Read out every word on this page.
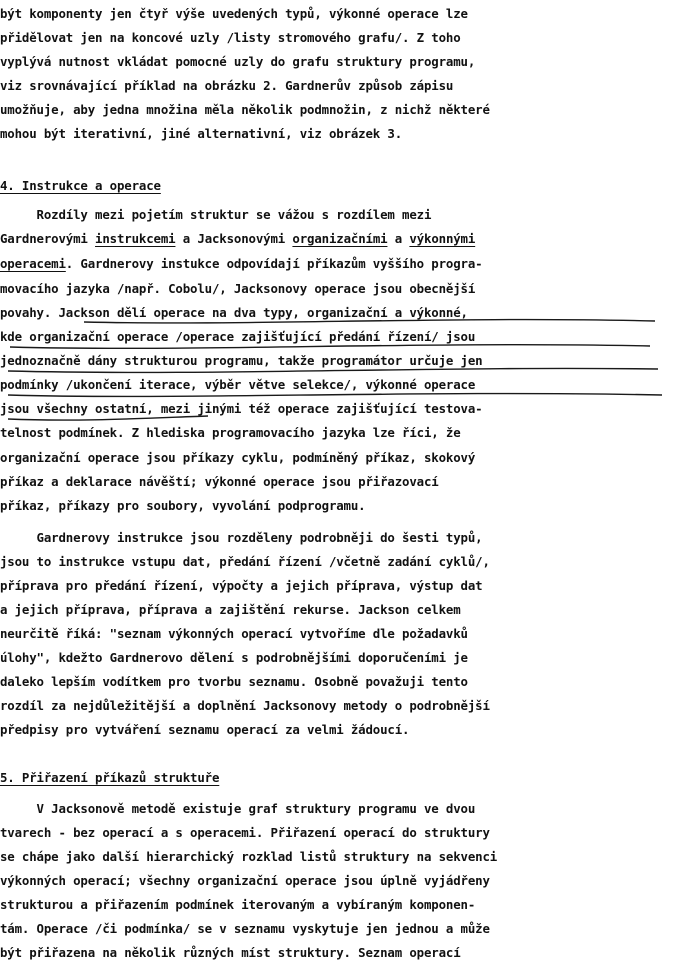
být komponenty jen čtyř výše uvedených typů, výkonné operace lze
přidělovat jen na koncové uzly /listy stromového grafu/. Z toho
vyplývá nutnost vkládat pomocné uzly do grafu struktury programu,
viz srovnávající příklad na obrázku 2. Gardnerův způsob zápisu
umožňuje, aby jedna množina měla několik podmnožin, z nichž některé
mohou být iterativní, jiné alternativní, viz obrázek 3.
4. Instrukce a operace
Rozdíly mezi pojetím struktur se vážou s rozdílem mezi
Gardnerovými instrukcemi a Jacksonovými organizačními a výkonnými
operacemi. Gardnerovy instukce odpovídají příkazům vyššího progra-
movacího jazyka /např. Cobolu/, Jacksonovy operace jsou obecnější
povahy. Jackson dělí operace na dva typy, organizační a výkonné,
kde organizační operace /operace zajišťující předání řízení/ jsou
jednoznačně dány strukturou programu, takže programátor určuje jen
podmínky /ukončení iterace, výběr větve selekce/, výkonné operace
jsou všechny ostatní, mezi jinými též operace zajišťující testova-
telnost podmínek. Z hlediska programovacího jazyka lze říci, že
organizační operace jsou příkazy cyklu, podmíněný příkaz, skokový
příkaz a deklarace návěští; výkonné operace jsou přiřazovací
příkaz, příkazy pro soubory, vyvolání podprogramu.
Gardnerovy instrukce jsou rozděleny podrobněji do šesti typů,
jsou to instrukce vstupu dat, předání řízení /včetně zadání cyklů/,
příprava pro předání řízení, výpočty a jejich příprava, výstup dat
a jejich příprava, příprava a zajištění rekurse. Jackson celkem
neurčitě říká: "seznam výkonných operací vytvoříme dle požadavků
úlohy", kdežto Gardnerovo dělení s podrobnějšími doporučeními je
daleko lepším vodítkem pro tvorbu seznamu. Osobně považuji tento
rozdíl za nejdůležitější a doplnění Jacksonovy metody o podrobnější
předpisy pro vytváření seznamu operací za velmi žádoucí.
5. Přiřazení příkazů struktuře
V Jacksonově metodě existuje graf struktury programu ve dvou
tvarech - bez operací a s operacemi. Přiřazení operací do struktury
se chápe jako další hierarchický rozklad listů struktury na sekvenci
výkonných operací; všechny organizační operace jsou úplně vyjádřeny
strukturou a přiřazením podmínek iterovaným a vybíraným komponen-
tám. Operace /či podmínka/ se v seznamu vyskytuje jen jednou a může
být přiřazena na několik různých míst struktury. Seznam operací
